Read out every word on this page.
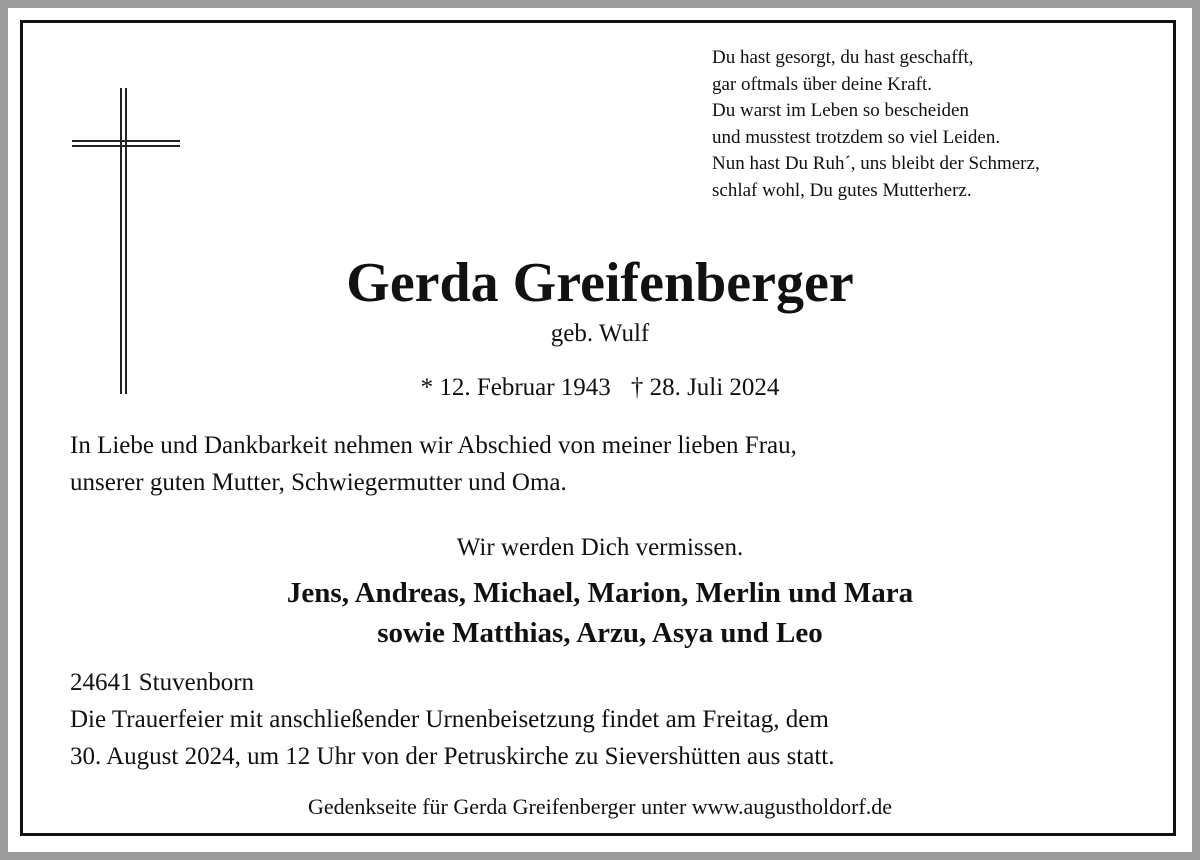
Du hast gesorgt, du hast geschafft,
gar oftmals über deine Kraft.
Du warst im Leben so bescheiden
und musstest trotzdem so viel Leiden.
Nun hast Du Ruh´, uns bleibt der Schmerz,
schlaf wohl, Du gutes Mutterherz.
Gerda Greifenberger
geb. Wulf
* 12. Februar 1943 † 28. Juli 2024
In Liebe und Dankbarkeit nehmen wir Abschied von meiner lieben Frau,
unserer guten Mutter, Schwiegermutter und Oma.
Wir werden Dich vermissen.
Jens, Andreas, Michael, Marion, Merlin und Mara
sowie Matthias, Arzu, Asya und Leo
24641 Stuvenborn
Die Trauerfeier mit anschließender Urnenbeisetzung findet am Freitag, dem
30. August 2024, um 12 Uhr von der Petruskirche zu Sievershütten aus statt.
Gedenkseite für Gerda Greifenberger unter www.augustholdorf.de
